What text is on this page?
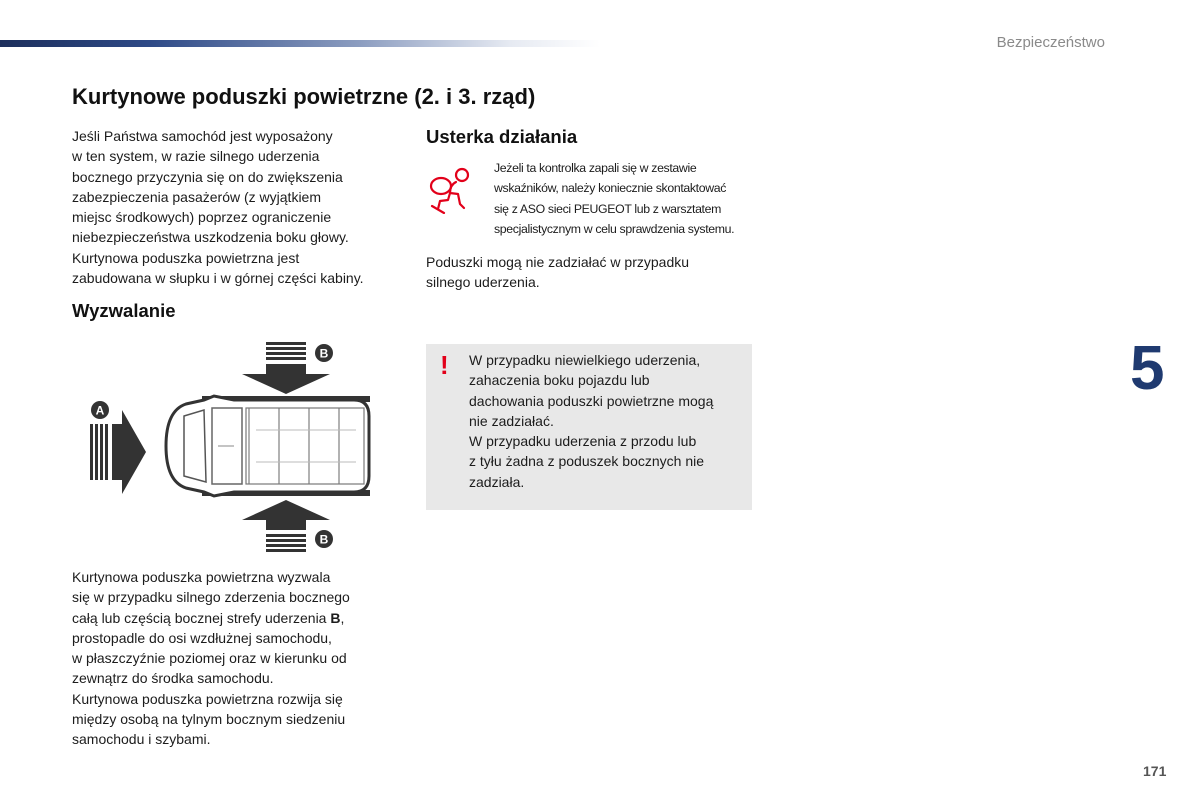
Bezpieczeństwo
Kurtynowe poduszki powietrzne (2. i 3. rząd)

Jeśli Państwa samochód jest wyposażony

w ten system, w razie silnego uderzenia

bocznego przyczynia się on do zwiększenia

zabezpieczenia pasażerów (z wyjątkiem

miejsc środkowych) poprzez ograniczenie

niebezpieczeństwa uszkodzenia boku głowy.

Kurtynowa poduszka powietrzna jest

zabudowana w słupku i w górnej części kabiny.

Wyzwalanie
A
B
B

Kurtynowa poduszka powietrzna wyzwala

się w przypadku silnego zderzenia bocznego

całą lub częścią bocznej strefy uderzenia B,

prostopadle do osi wzdłużnej samochodu,

w płaszczyźnie poziomej oraz w kierunku od

zewnątrz do środka samochodu.

Kurtynowa poduszka powietrzna rozwija się

między osobą na tylnym bocznym siedzeniu

samochodu i szybami.

Usterka działania

Jeżeli ta kontrolka zapali się w zestawie

wskaźników, należy koniecznie skontaktować

się z ASO sieci PEUGEOT lub z warsztatem

specjalistycznym w celu sprawdzenia systemu.

Poduszki mogą nie zadziałać w przypadku

silnego uderzenia.

! W przypadku niewielkiego uderzenia,

zahaczenia boku pojazdu lub

dachowania poduszki powietrzne mogą

nie zadziałać.

W przypadku uderzenia z przodu lub

z tyłu żadna z poduszek bocznych nie

zadziała.

5
171
